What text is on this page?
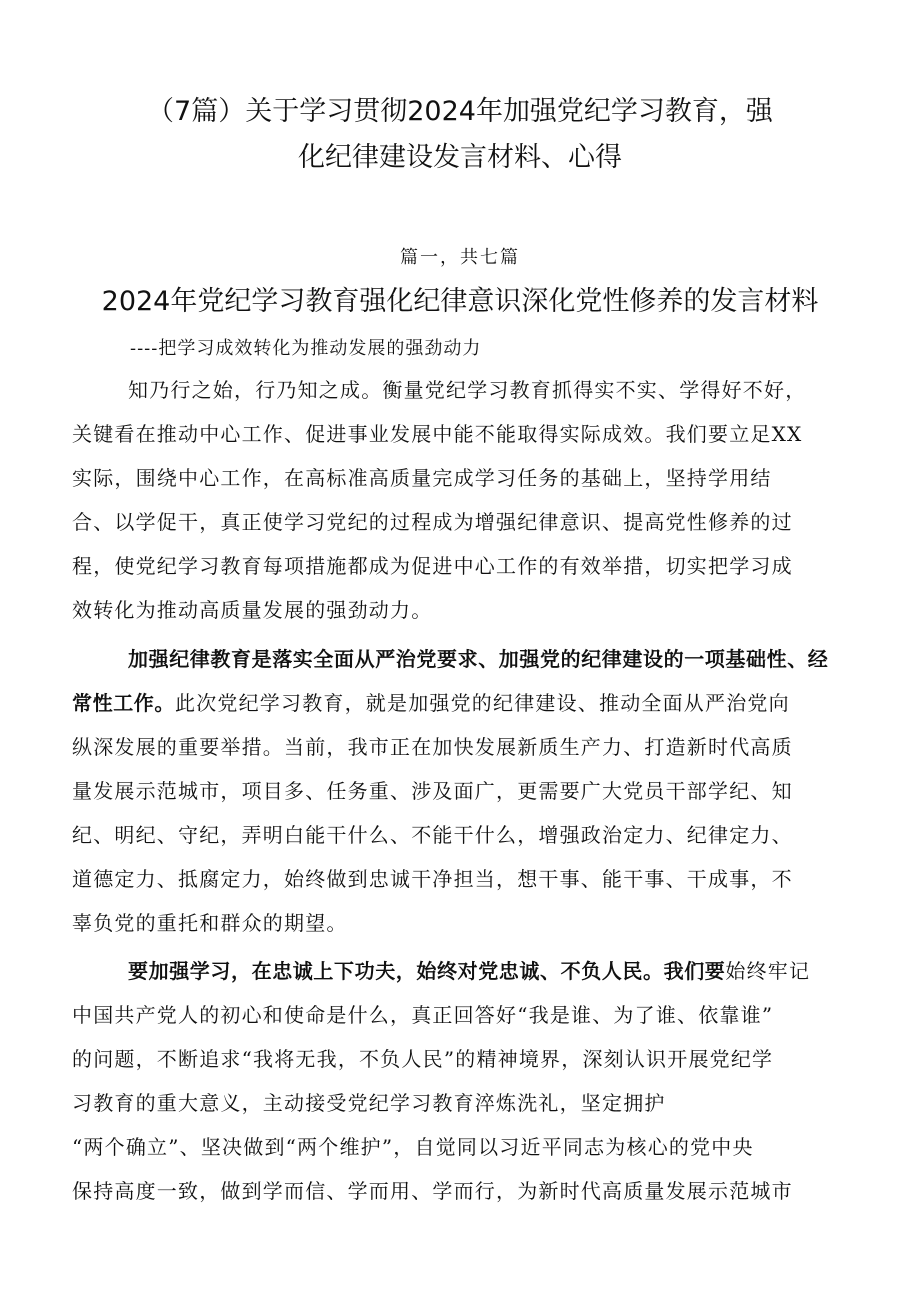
（7篇）关于学习贯彻2024年加强党纪学习教育，强
化纪律建设发言材料、心得
篇一，共七篇
2024年党纪学习教育强化纪律意识深化党性修养的发言材料
----把学习成效转化为推动发展的强劲动力
知乃行之始，行乃知之成。衡量党纪学习教育抓得实不实、学得好不好，
关键看在推动中心工作、促进事业发展中能不能取得实际成效。我们要立足XX
实际，围绕中心工作，在高标准高质量完成学习任务的基础上，坚持学用结
合、以学促干，真正使学习党纪的过程成为增强纪律意识、提高党性修养的过
程，使党纪学习教育每项措施都成为促进中心工作的有效举措，切实把学习成
效转化为推动高质量发展的强劲动力。
加强纪律教育是落实全面从严治党要求、加强党的纪律建设的一项基础性、经
常性工作。此次党纪学习教育，就是加强党的纪律建设、推动全面从严治党向
纵深发展的重要举措。当前，我市正在加快发展新质生产力、打造新时代高质
量发展示范城市，项目多、任务重、涉及面广，更需要广大党员干部学纪、知
纪、明纪、守纪，弄明白能干什么、不能干什么，增强政治定力、纪律定力、
道德定力、抵腐定力，始终做到忠诚干净担当，想干事、能干事、干成事，不
辜负党的重托和群众的期望。
要加强学习，在忠诚上下功夫，始终对党忠诚、不负人民。我们要始终牢记
中国共产党人的初心和使命是什么，真正回答好“我是谁、为了谁、依靠谁”
的问题，不断追求“我将无我，不负人民”的精神境界，深刻认识开展党纪学
习教育的重大意义，主动接受党纪学习教育淬炼洗礼，坚定拥护
“两个确立”、坚决做到“两个维护”，自觉同以习近平同志为核心的党中央
保持高度一致，做到学而信、学而用、学而行，为新时代高质量发展示范城市
